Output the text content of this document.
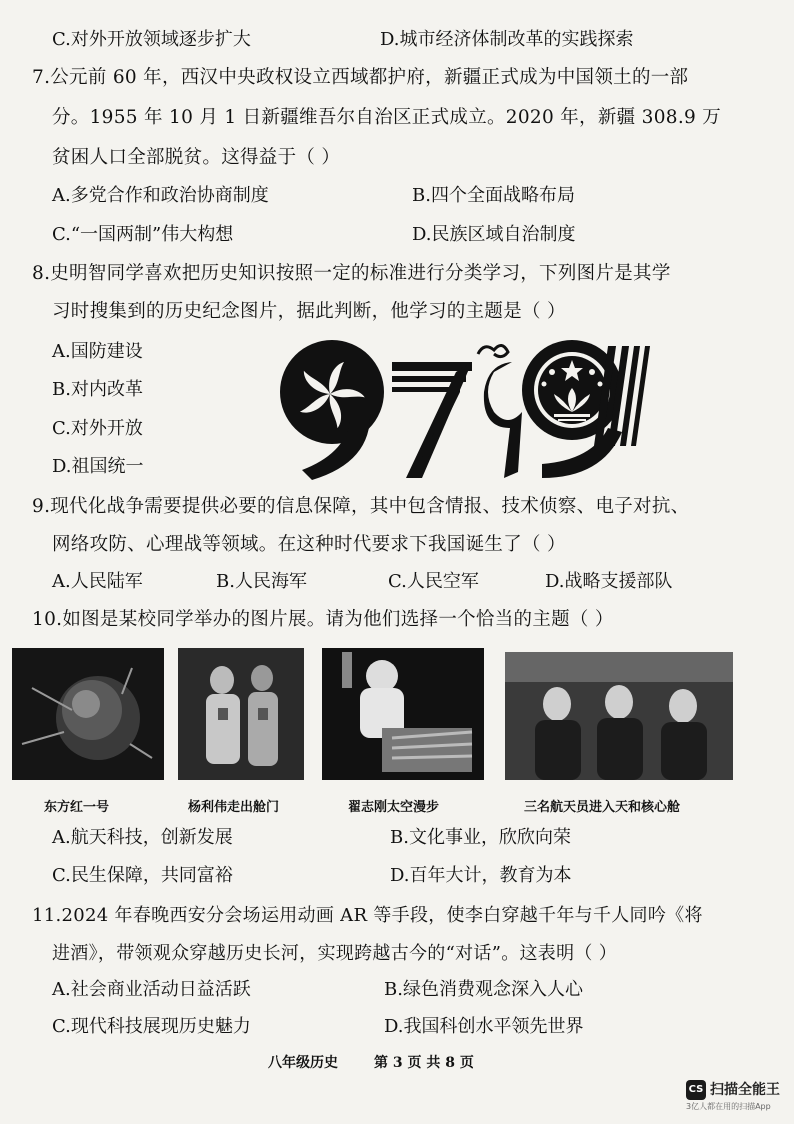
C.对外开放领域逐步扩大	D.城市经济体制改革的实践探索
7.公元前 60 年，西汉中央政权设立西域都护府，新疆正式成为中国领土的一部
分。1955 年 10 月 1 日新疆维吾尔自治区正式成立。2020 年，新疆 308.9 万
贫困人口全部脱贫。这得益于（ ）
A.多党合作和政治协商制度	B.四个全面战略布局
C.“一国两制”伟大构想	D.民族区域自治制度
8.史明智同学喜欢把历史知识按照一定的标准进行分类学习，下列图片是其学
习时搜集到的历史纪念图片，据此判断，他学习的主题是（ ）
A.国防建设
B.对内改革
C.对外开放
D.祖国统一
9.现代化战争需要提供必要的信息保障，其中包含情报、技术侦察、电子对抗、
网络攻防、心理战等领域。在这种时代要求下我国诞生了（ ）
A.人民陆军	B.人民海军	C.人民空军	D.战略支援部队
10.如图是某校同学举办的图片展。请为他们选择一个恰当的主题（ ）
东方红一号	杨利伟走出舱门	翟志刚太空漫步	三名航天员进入天和核心舱
A.航天科技，创新发展	B.文化事业，欣欣向荣
C.民生保障，共同富裕	D.百年大计，教育为本
11.2024 年春晚西安分会场运用动画 AR 等手段，使李白穿越千年与千人同吟《将
进酒》，带领观众穿越历史长河，实现跨越古今的“对话”。这表明（ ）
A.社会商业活动日益活跃	B.绿色消费观念深入人心
C.现代科技展现历史魅力	D.我国科创水平领先世界
八年级历史	第 3 页 共 8 页
CS 扫描全能王
3亿人都在用的扫描App
